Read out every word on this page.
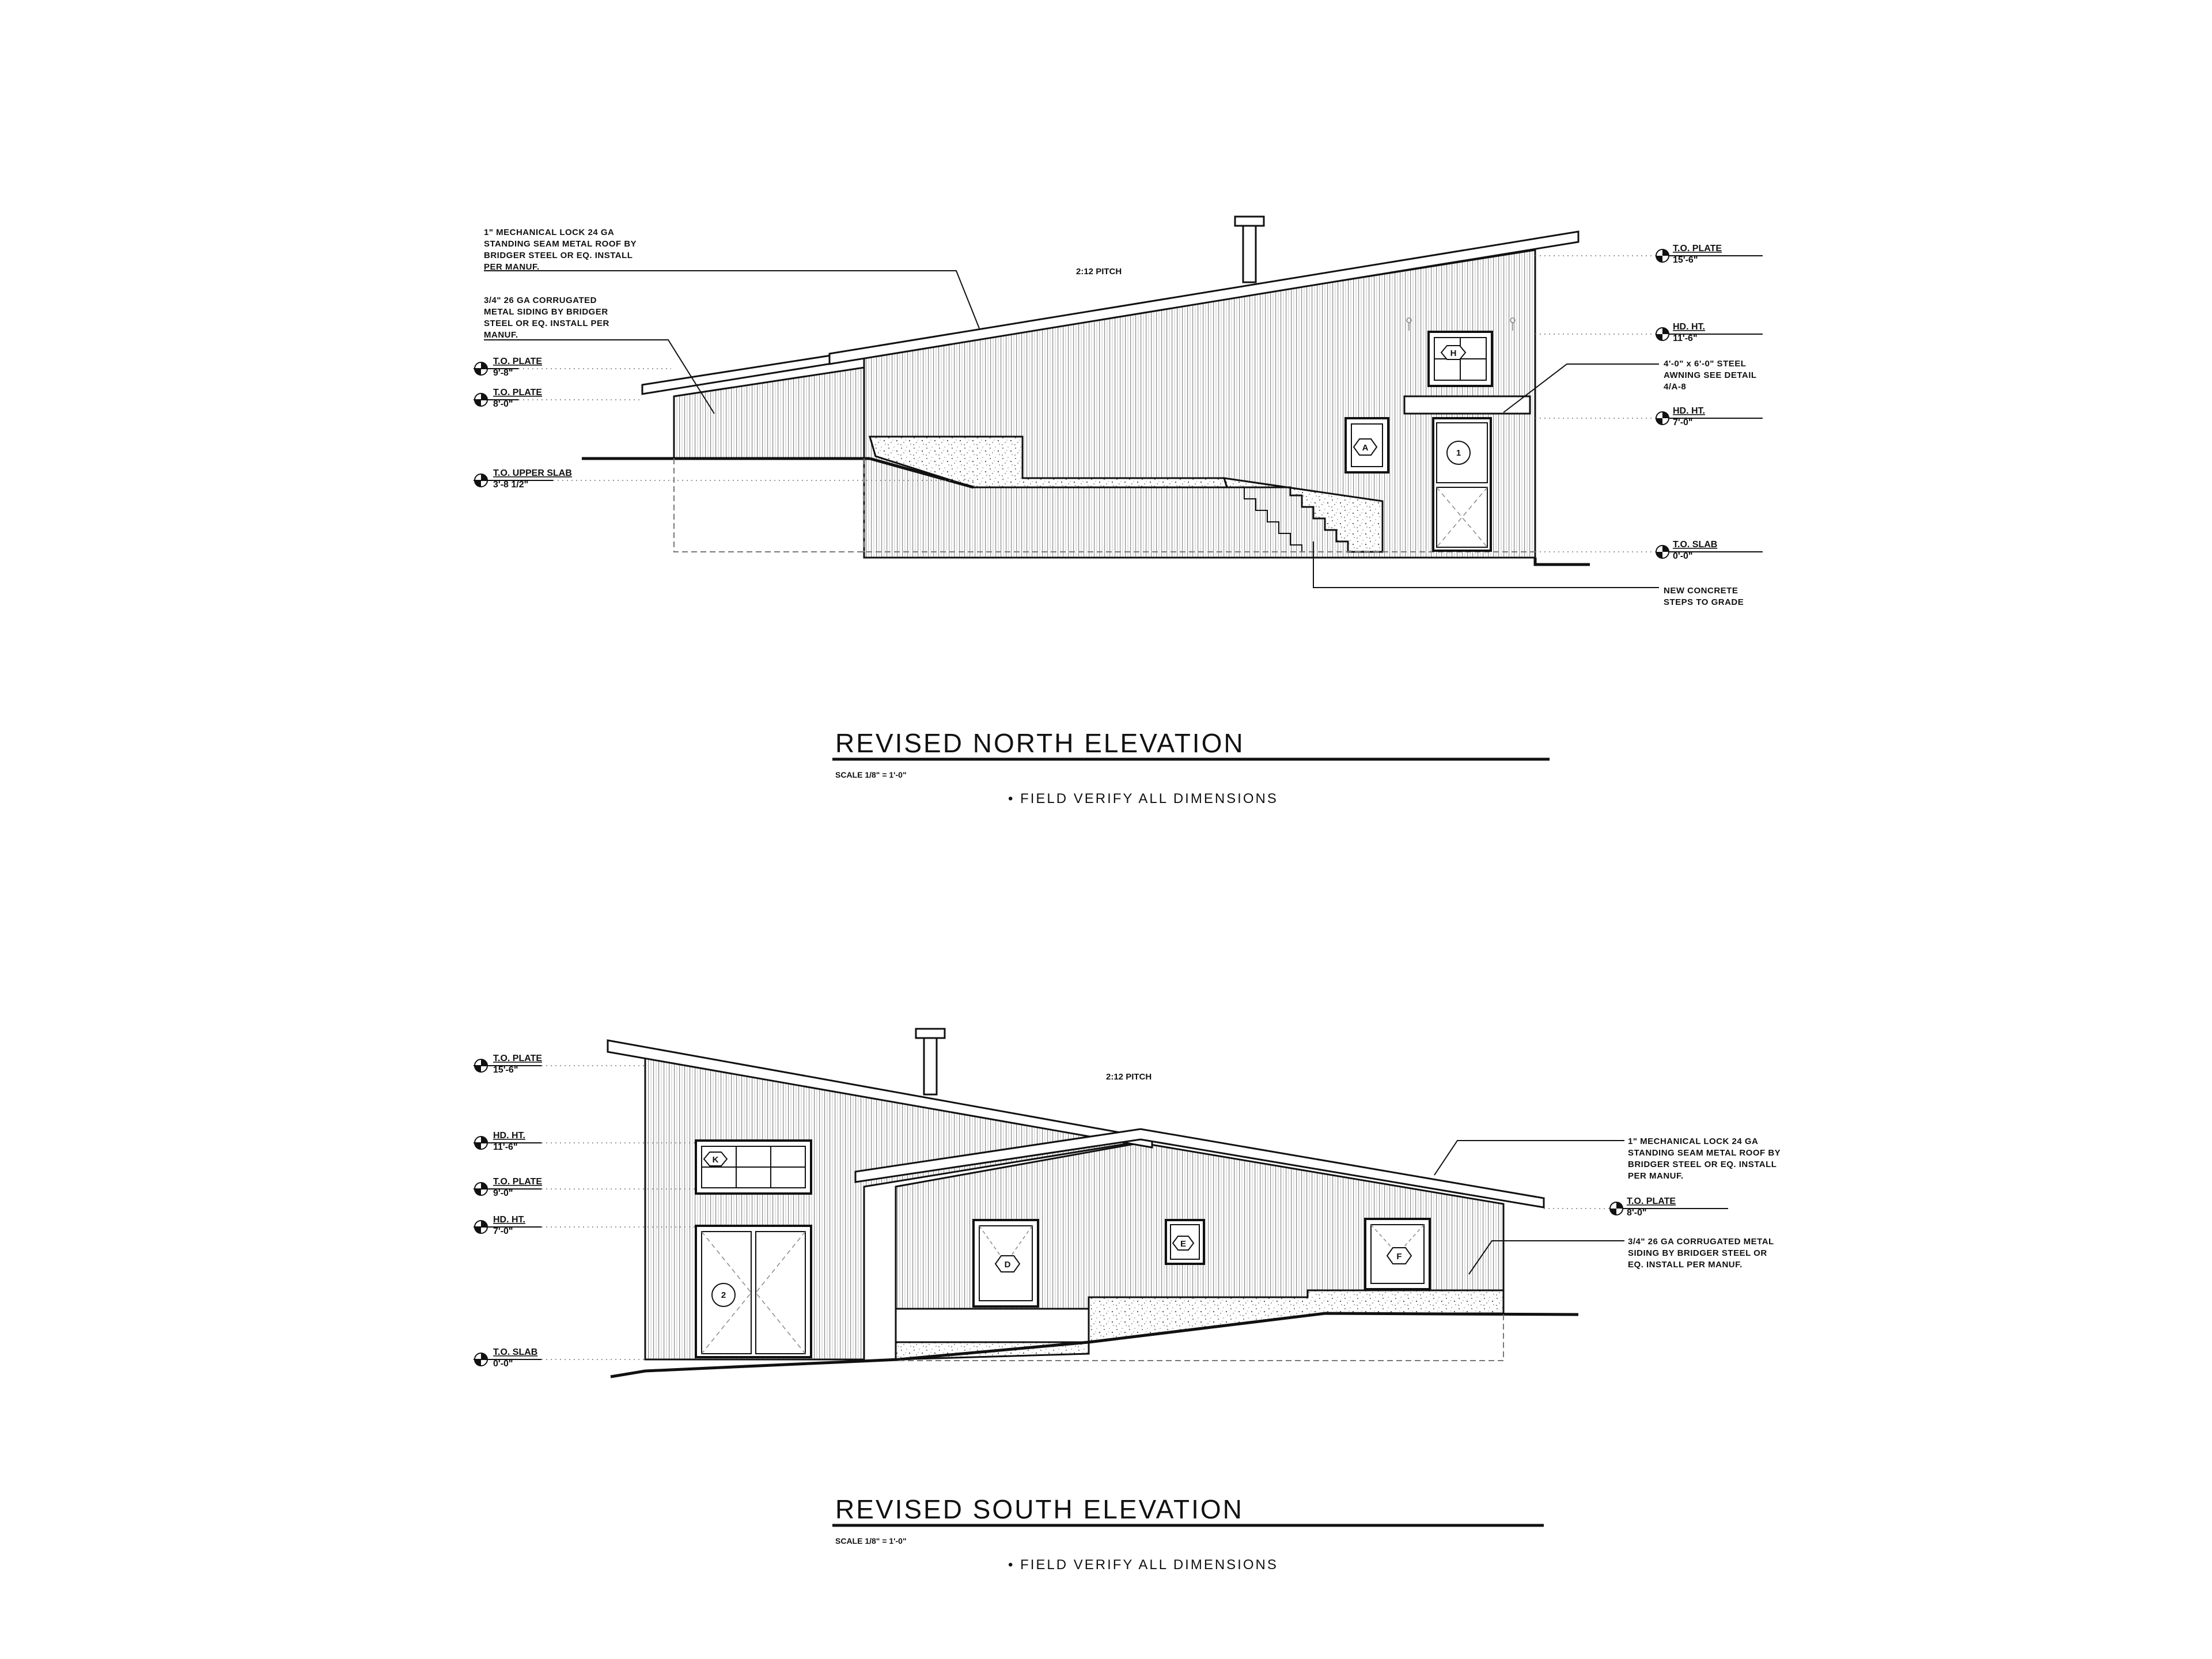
H
A
1
2:12 PITCH
1" MECHANICAL LOCK 24 GA
STANDING SEAM METAL ROOF BY
BRIDGER STEEL OR EQ. INSTALL
PER MANUF.
3/4" 26 GA CORRUGATED
METAL SIDING BY BRIDGER
STEEL OR EQ. INSTALL PER
MANUF.
4'-0" x 6'-0" STEEL
AWNING SEE DETAIL
4/A-8
NEW CONCRETE
STEPS TO GRADE
T.O. PLATE
9'-8"
T.O. PLATE
8'-0"
T.O. UPPER SLAB
3'-8 1/2"
T.O. PLATE
15'-6"
HD. HT.
11'-6"
HD. HT.
7'-0"
T.O. SLAB
0'-0"
REVISED NORTH ELEVATION
SCALE 1/8" = 1'-0"
• FIELD VERIFY ALL DIMENSIONS
K
2
D
E
F
2:12 PITCH
1" MECHANICAL LOCK 24 GA
STANDING SEAM METAL ROOF BY
BRIDGER STEEL OR EQ. INSTALL
PER MANUF.
3/4" 26 GA CORRUGATED METAL
SIDING BY BRIDGER STEEL OR
EQ. INSTALL PER MANUF.
T.O. PLATE
15'-6"
HD. HT.
11'-6"
T.O. PLATE
9'-0"
HD. HT.
7'-0"
T.O. SLAB
0'-0"
T.O. PLATE
8'-0"
REVISED SOUTH ELEVATION
SCALE 1/8" = 1'-0"
• FIELD VERIFY ALL DIMENSIONS
